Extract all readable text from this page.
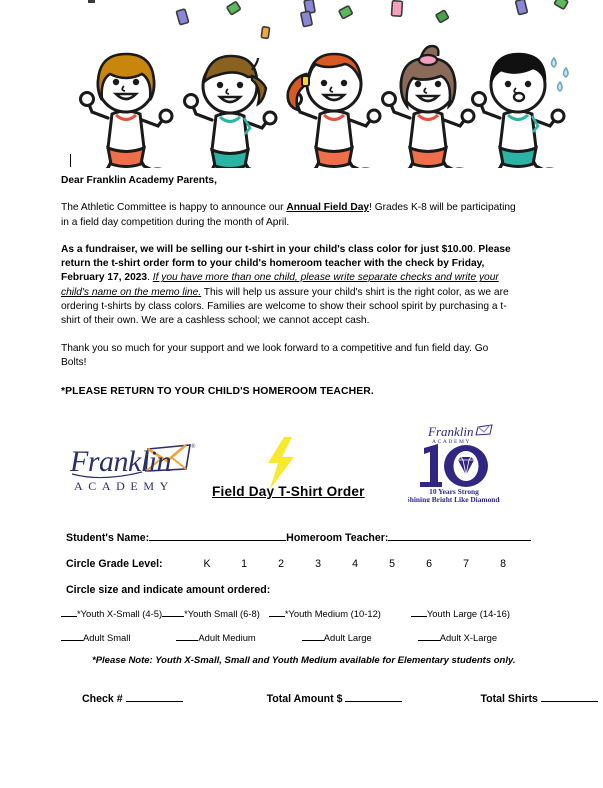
Dear Franklin Academy Parents,

The Athletic Committee is happy to announce our Annual Field Day! Grades K-8 will be participating in a field day competition during the month of April.

As a fundraiser, we will be selling our t-shirt in your child's class color for just $10.00. Please return the t-shirt order form to your child's homeroom teacher with the check by Friday, February 17, 2023. If you have more than one child, please write separate checks and write your child's name on the memo line. This will help us assure your child's shirt is the right color, as we are ordering t-shirts by class colors. Families are welcome to show their school spirit by purchasing a t-shirt of their own. We are a cashless school; we cannot accept cash.

Thank you so much for your support and we look forward to a competitive and fun field day. Go Bolts!

*PLEASE RETURN TO YOUR CHILD'S HOMEROOM TEACHER.
®
Franklin
ACADEMY
Franklin
ACADEMY
10 Years Strong
Shining Bright Like Diamonds
Field Day T-Shirt Order
Student's Name:	Homeroom Teacher:
Circle Grade Level:	K	1	2	3	4	5	6	7	8
Circle size and indicate amount ordered:
*Youth X-Small (4-5) *Youth Small (6-8)	*Youth Medium (10-12)	Youth Large (14-16)
Adult Small	Adult Medium	Adult Large	Adult X-Large
*Please Note: Youth X-Small, Small and Youth Medium available for Elementary students only.
Check #	Total Amount $	Total Shirts
